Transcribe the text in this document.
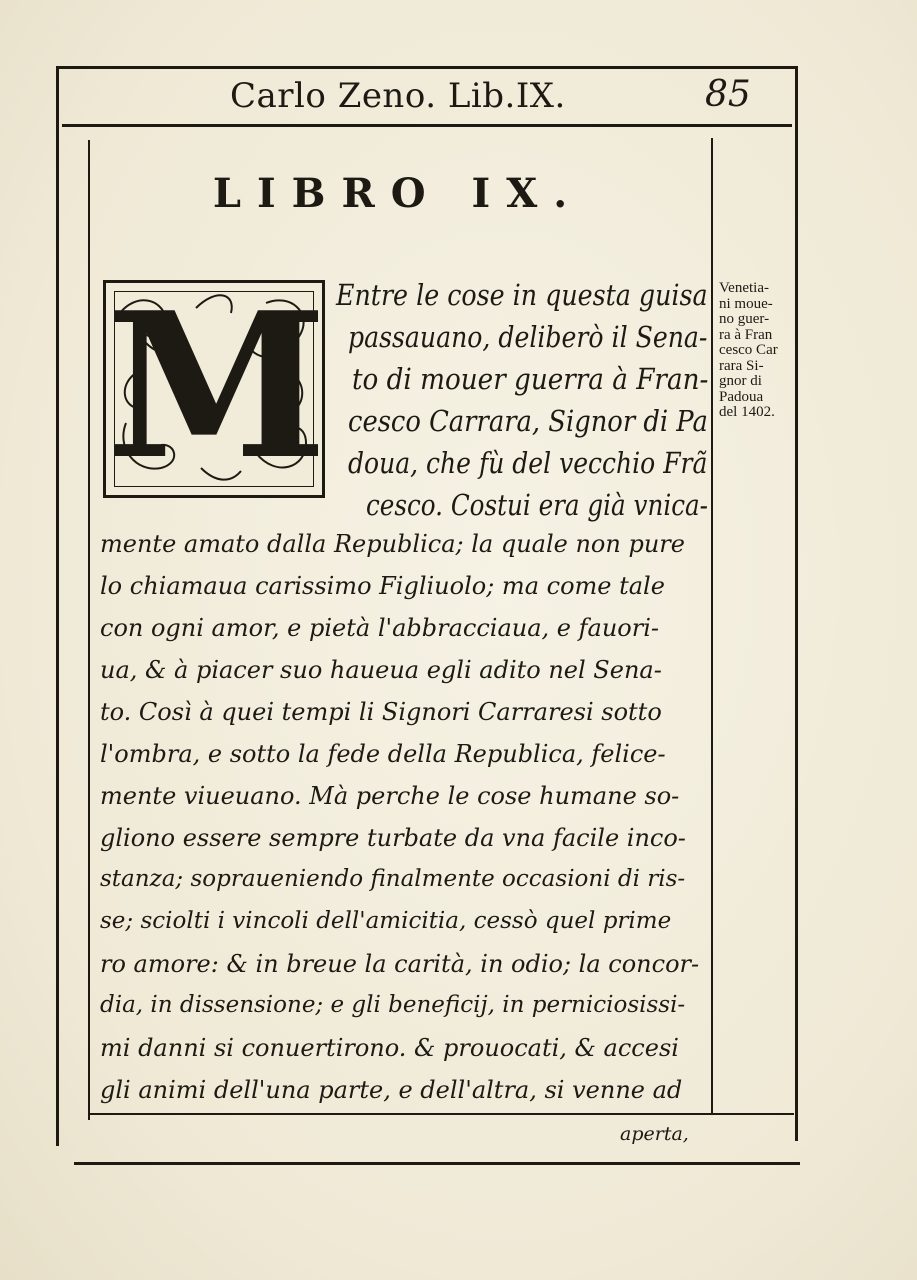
Carlo Zeno. Lib.IX.	85
LIBRO IX.
M Entre le cose in questa guisa
passauano, deliberò il Sena-
to di mouer guerra à Fran-
cesco Carrara, Signor di Pa
doua, che fù del vecchio Frã
cesco. Costui era già vnica-
mente amato dalla Republica; la quale non pure
lo chiamaua carissimo Figliuolo; ma come tale
con ogni amor, e pietà l'abbracciaua, e fauori-
ua, & à piacer suo haueua egli adito nel Sena-
to. Così à quei tempi li Signori Carraresi sotto
l'ombra, e sotto la fede della Republica, felice-
mente viueuano. Mà perche le cose humane so-
gliono essere sempre turbate da vna facile inco-
stanza; sopraueniendo finalmente occasioni di ris-
se; sciolti i vincoli dell'amicitia, cessò quel prime
ro amore: & in breue la carità, in odio; la concor-
dia, in dissensione; e gli beneficij, in perniciosissi-
mi danni si conuertirono. & prouocati, & accesi
gli animi dell'una parte, e dell'altra, si venne ad
Venetia-
ni moue-
no guer-
ra à Fran
cesco Car
rara Si-
gnor di
Padoua
del 1402.
aperta,
